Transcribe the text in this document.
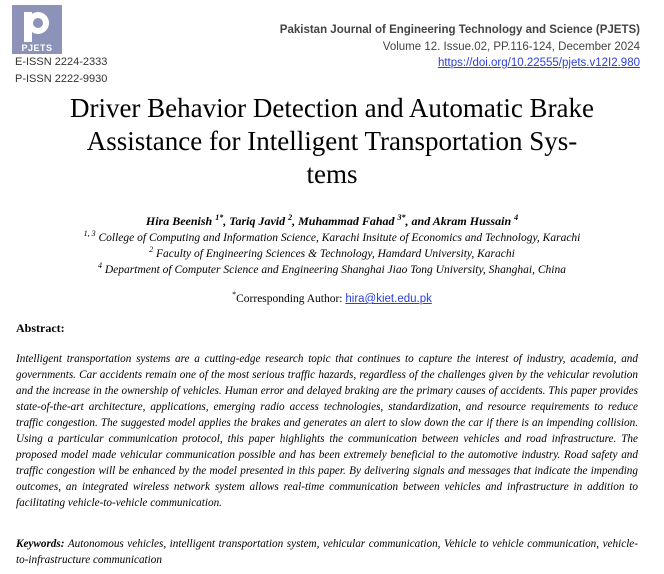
PJETS
E-ISSN 2224-2333
P-ISSN 2222-9930
Pakistan Journal of Engineering Technology and Science (PJETS)
Volume 12. Issue.02, PP.116-124, December 2024
https://doi.org/10.22555/pjets.v12I2.980
Driver Behavior Detection and Automatic Brake
Assistance for Intelligent Transportation Sys-
tems
Hira Beenish $^{1*}$, Tariq Javid $^2$, Muhammad Fahad $^{3*}$, and Akram Hussain $^4$
$^{1, 3}$ College of Computing and Information Science, Karachi Insitute of Economics and Technology, Karachi
$^2$ Faculty of Engineering Sciences & Technology, Hamdard University, Karachi
$^4$ Department of Computer Science and Engineering Shanghai Jiao Tong University, Shanghai, China
*Corresponding Author: hira@kiet.edu.pk
Abstract:
Intelligent transportation systems are a cutting-edge research topic that continues to capture the interest of industry, academia, and governments. Car accidents remain one of the most serious traffic hazards, regardless of the challenges given by the vehicular revolution and the increase in the ownership of vehicles. Human error and delayed braking are the primary causes of accidents. This paper provides state-of-the-art architecture, applications, emerging radio access technologies, standardization, and resource requirements to reduce traffic congestion. The suggested model applies the brakes and generates an alert to slow down the car if there is an impending collision. Using a particular communication protocol, this paper highlights the communication between vehicles and road infrastructure. The proposed model made vehicular communication possible and has been extremely beneficial to the automotive industry. Road safety and traffic congestion will be enhanced by the model presented in this paper. By delivering signals and messages that indicate the impending outcomes, an integrated wireless network system allows real-time communication between vehicles and infrastructure in addition to facilitating vehicle-to-vehicle communication.
Keywords: Autonomous vehicles, intelligent transportation system, vehicular communication, Vehicle to vehicle communication, vehicle-to-infrastructure communication
